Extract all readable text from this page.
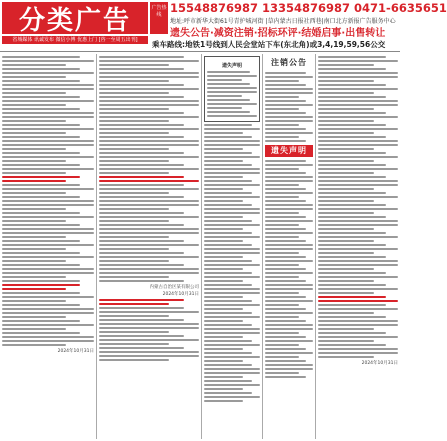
分类广告	广告热线 15548876987 13354876987 0471-6635651
地址:呼市新华大街61号青护城河街 |草内蒙古日报社西巷|南口北方新报广告服务中心
遗失公告·减资注销·招标环评·结婚启事·出售转让
省城媒体 讯诚发布 微信小博 优惠上门 [咨一至周五出刊]	乘车路线:地铁1号线到人民会堂站下车(东北角)或3,4,19,59,56公交
2024年10月31日
内蒙古自治区某有限公司
2024年10月31日
遗失声明	注销公告
遗失声明
2024年10月31日
